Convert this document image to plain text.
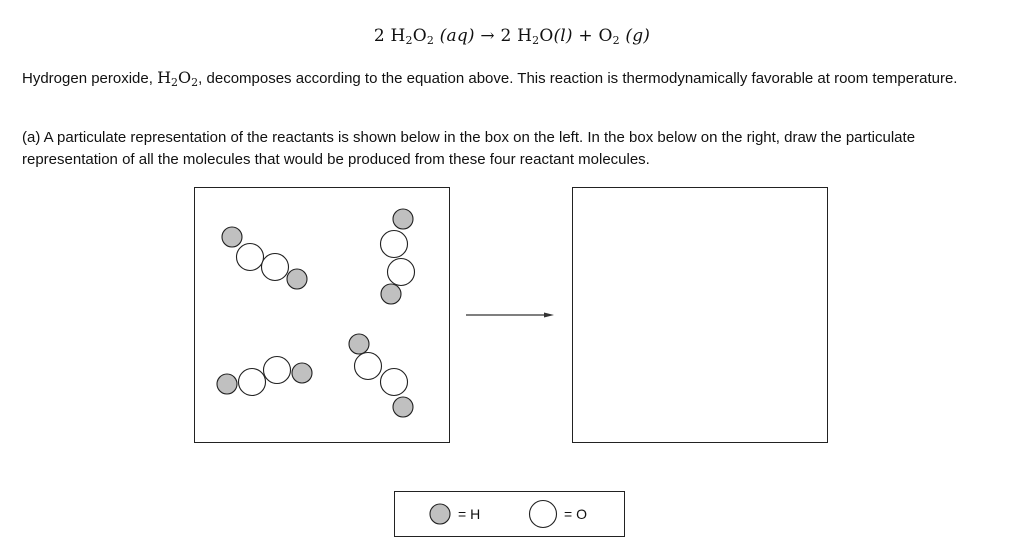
2 $H_2O_2$ (aq) → 2 $H_2O(l) + O_2$ (g)
Hydrogen peroxide, $H_2O_2$, decomposes according to the equation above. This reaction is thermodynamically favorable at room temperature.
(a) A particulate representation of the reactants is shown below in the box on the left. In the box below on the right, draw the particulate representation of all the molecules that would be produced from these four reactant molecules.
= H	= O
